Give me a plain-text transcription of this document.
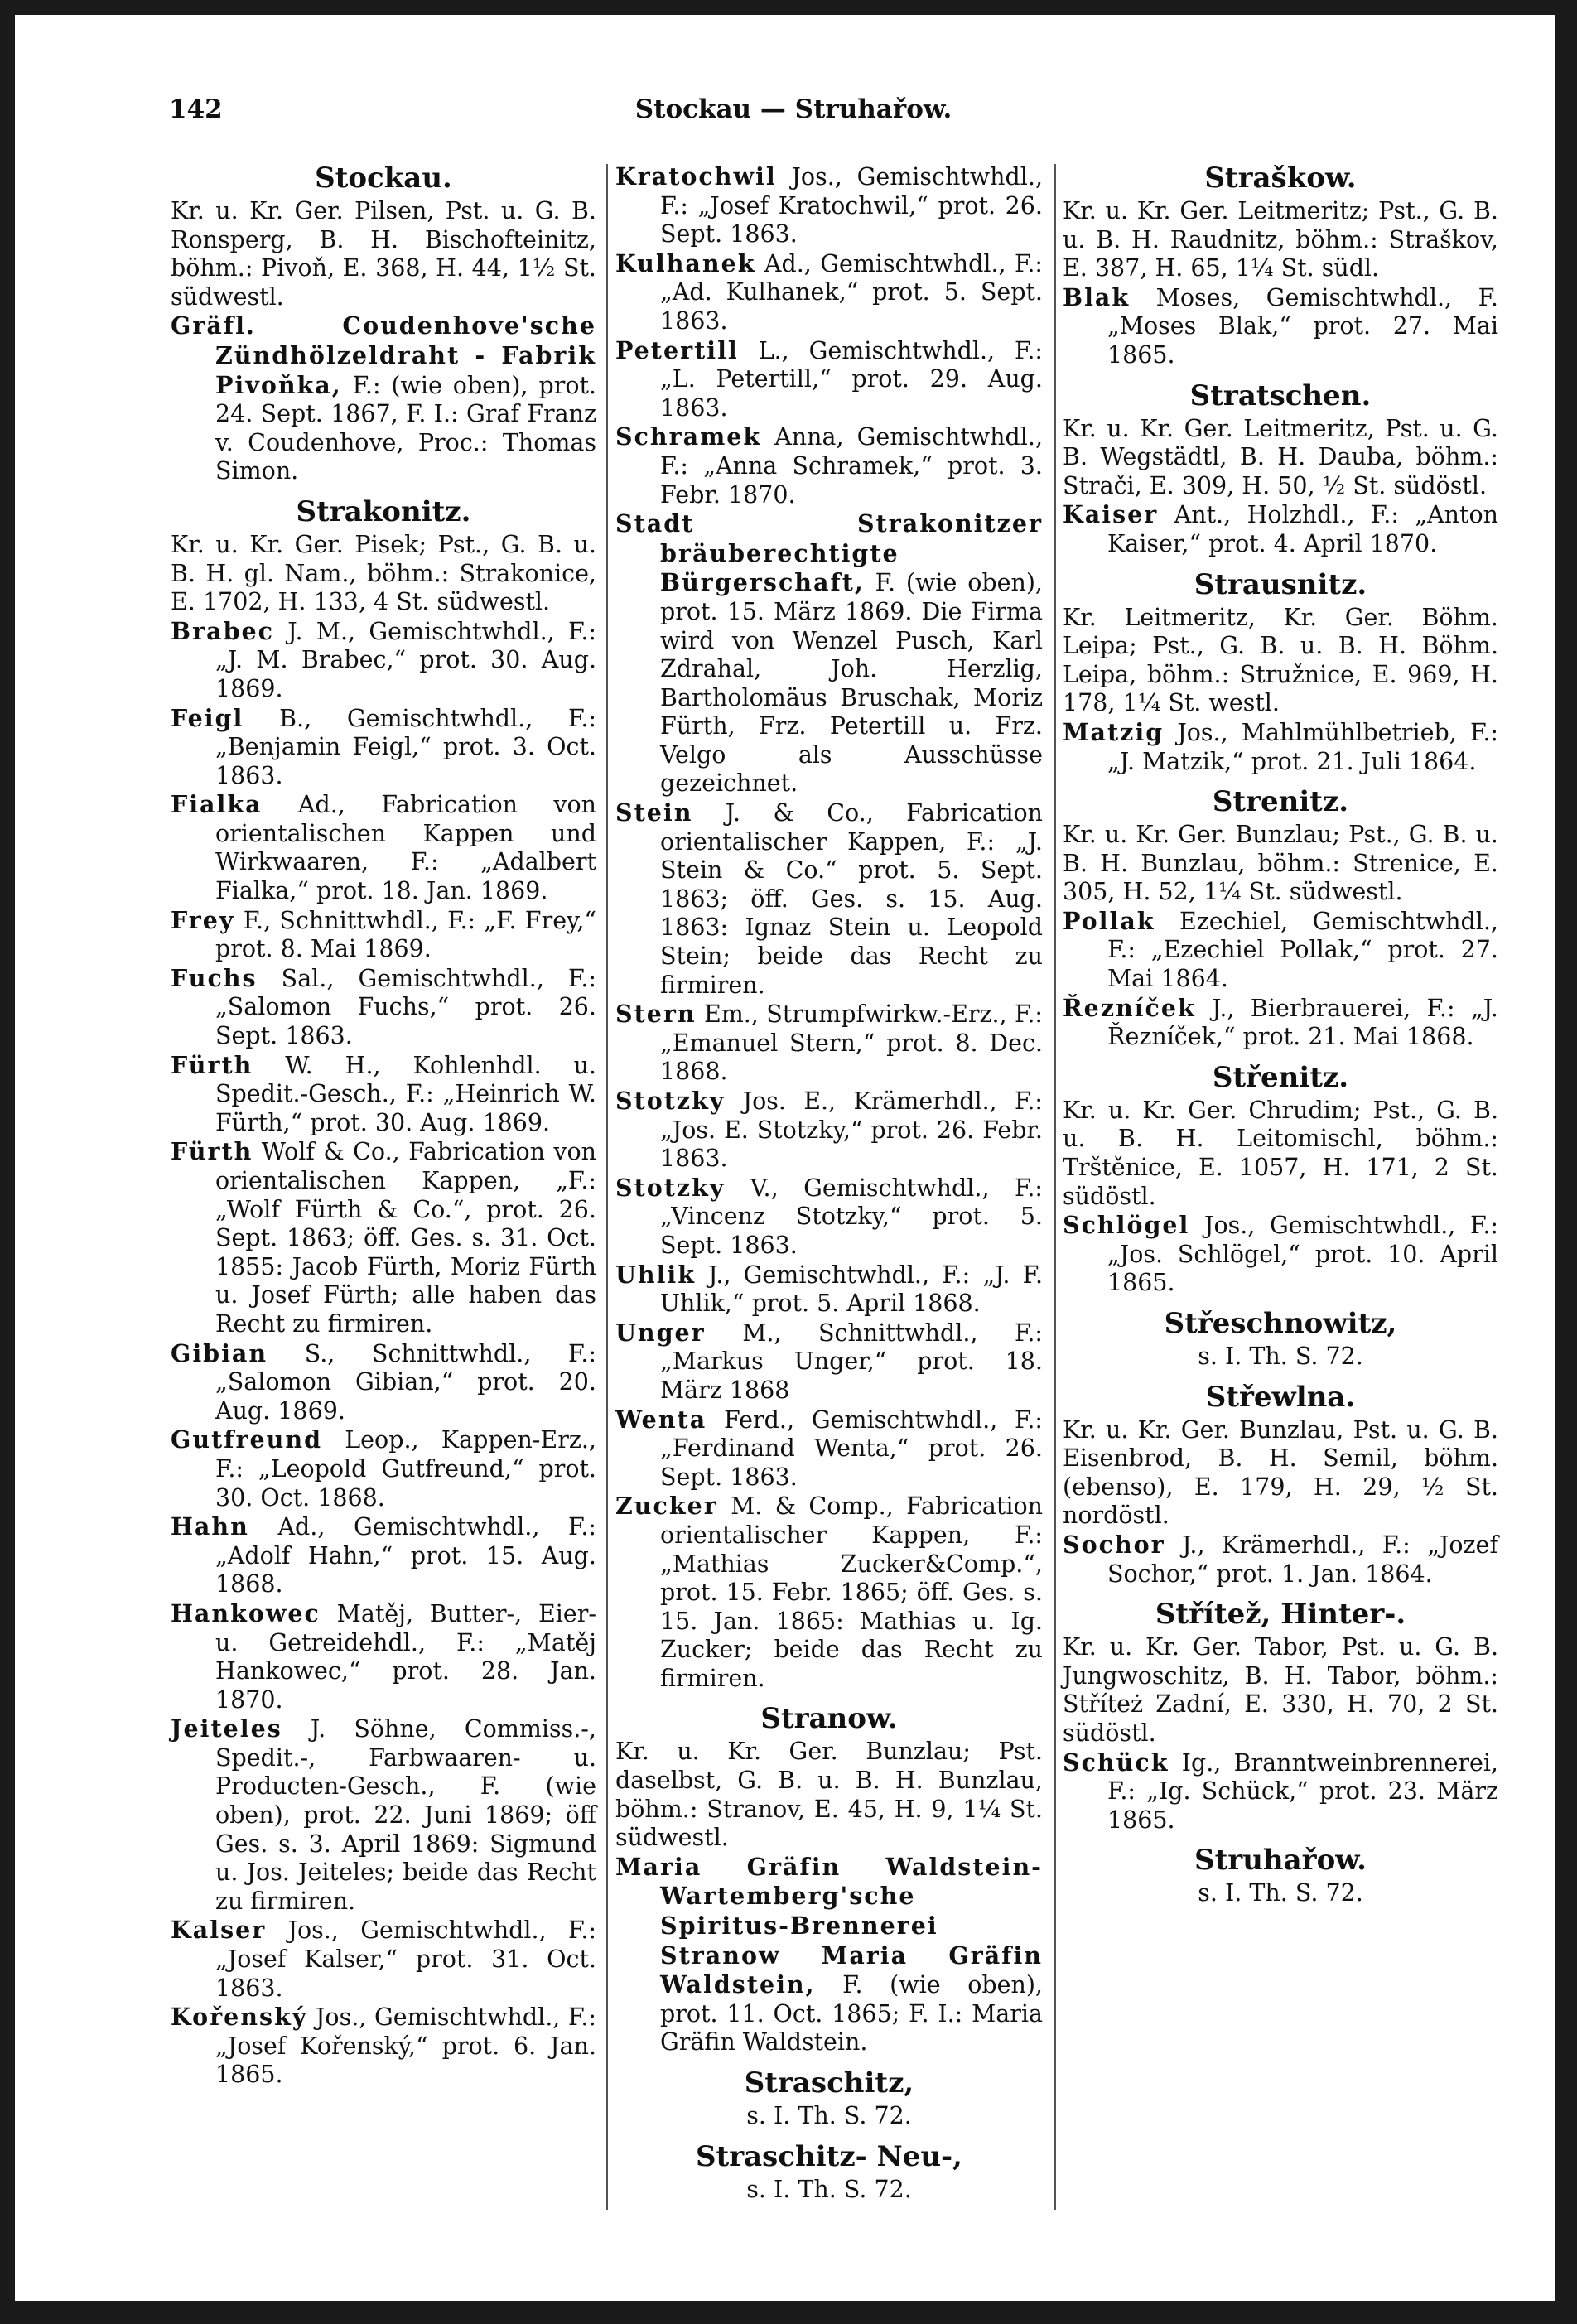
142	Stockau — Struhařow.
Stockau.
Kr. u. Kr. Ger. Pilsen, Pst. u. G. B. Ronsperg, B. H. Bischofteinitz, böhm.: Pivoň, E. 368, H. 44, 1½ St. südwestl.
Gräfl. Coudenhove'sche Zündhölzeldraht - Fabrik Pivoňka, F.: (wie oben), prot. 24. Sept. 1867, F. I.: Graf Franz v. Coudenhove, Proc.: Thomas Simon.
Strakonitz.
Kr. u. Kr. Ger. Pisek; Pst., G. B. u. B. H. gl. Nam., böhm.: Strakonice, E. 1702, H. 133, 4 St. südwestl.
Brabec J. M., Gemischtwhdl., F.: „J. M. Brabec,“ prot. 30. Aug. 1869.
Feigl B., Gemischtwhdl., F.: „Benjamin Feigl,“ prot. 3. Oct. 1863.
Fialka Ad., Fabrication von orientalischen Kappen und Wirkwaaren, F.: „Adalbert Fialka,“ prot. 18. Jan. 1869.
Frey F., Schnittwhdl., F.: „F. Frey,“ prot. 8. Mai 1869.
Fuchs Sal., Gemischtwhdl., F.: „Salomon Fuchs,“ prot. 26. Sept. 1863.
Fürth W. H., Kohlenhdl. u. Spedit.-Gesch., F.: „Heinrich W. Fürth,“ prot. 30. Aug. 1869.
Fürth Wolf & Co., Fabrication von orientalischen Kappen, „F.: „Wolf Fürth & Co.“, prot. 26. Sept. 1863; öff. Ges. s. 31. Oct. 1855: Jacob Fürth, Moriz Fürth u. Josef Fürth; alle haben das Recht zu firmiren.
Gibian S., Schnittwhdl., F.: „Salomon Gibian,“ prot. 20. Aug. 1869.
Gutfreund Leop., Kappen-Erz., F.: „Leopold Gutfreund,“ prot. 30. Oct. 1868.
Hahn Ad., Gemischtwhdl., F.: „Adolf Hahn,“ prot. 15. Aug. 1868.
Hankowec Matěj, Butter-, Eier- u. Getreidehdl., F.: „Matěj Hankowec,“ prot. 28. Jan. 1870.
Jeiteles J. Söhne, Commiss.-, Spedit.-, Farbwaaren- u. Producten-Gesch., F. (wie oben), prot. 22. Juni 1869; öff Ges. s. 3. April 1869: Sigmund u. Jos. Jeiteles; beide das Recht zu firmiren.
Kalser Jos., Gemischtwhdl., F.: „Josef Kalser,“ prot. 31. Oct. 1863.
Kořenský Jos., Gemischtwhdl., F.: „Josef Kořenský,“ prot. 6. Jan. 1865.
Kratochwil Jos., Gemischtwhdl., F.: „Josef Kratochwil,“ prot. 26. Sept. 1863.
Kulhanek Ad., Gemischtwhdl., F.: „Ad. Kulhanek,“ prot. 5. Sept. 1863.
Petertill L., Gemischtwhdl., F.: „L. Petertill,“ prot. 29. Aug. 1863.
Schramek Anna, Gemischtwhdl., F.: „Anna Schramek,“ prot. 3. Febr. 1870.
Stadt Strakonitzer bräuberechtigte Bürgerschaft, F. (wie oben), prot. 15. März 1869. Die Firma wird von Wenzel Pusch, Karl Zdrahal, Joh. Herzlig, Bartholomäus Bruschak, Moriz Fürth, Frz. Petertill u. Frz. Velgo als Ausschüsse gezeichnet.
Stein J. & Co., Fabrication orientalischer Kappen, F.: „J. Stein & Co.“ prot. 5. Sept. 1863; öff. Ges. s. 15. Aug. 1863: Ignaz Stein u. Leopold Stein; beide das Recht zu firmiren.
Stern Em., Strumpfwirkw.-Erz., F.: „Emanuel Stern,“ prot. 8. Dec. 1868.
Stotzky Jos. E., Krämerhdl., F.: „Jos. E. Stotzky,“ prot. 26. Febr. 1863.
Stotzky V., Gemischtwhdl., F.: „Vincenz Stotzky,“ prot. 5. Sept. 1863.
Uhlik J., Gemischtwhdl., F.: „J. F. Uhlik,“ prot. 5. April 1868.
Unger M., Schnittwhdl., F.: „Markus Unger,“ prot. 18. März 1868
Wenta Ferd., Gemischtwhdl., F.: „Ferdinand Wenta,“ prot. 26. Sept. 1863.
Zucker M. & Comp., Fabrication orientalischer Kappen, F.: „Mathias Zucker&Comp.“, prot. 15. Febr. 1865; öff. Ges. s. 15. Jan. 1865: Mathias u. Ig. Zucker; beide das Recht zu firmiren.
Stranow.
Kr. u. Kr. Ger. Bunzlau; Pst. daselbst, G. B. u. B. H. Bunzlau, böhm.: Stranov, E. 45, H. 9, 1¼ St. südwestl.
Maria Gräfin Waldstein-Wartemberg'sche Spiritus-Brennerei Stranow Maria Gräfin Waldstein, F. (wie oben), prot. 11. Oct. 1865; F. I.: Maria Gräfin Waldstein.
Straschitz,
s. I. Th. S. 72.
Straschitz- Neu-,
s. I. Th. S. 72.
Straškow.
Kr. u. Kr. Ger. Leitmeritz; Pst., G. B. u. B. H. Raudnitz, böhm.: Straškov, E. 387, H. 65, 1¼ St. südl.
Blak Moses, Gemischtwhdl., F. „Moses Blak,“ prot. 27. Mai 1865.
Stratschen.
Kr. u. Kr. Ger. Leitmeritz, Pst. u. G. B. Wegstädtl, B. H. Dauba, böhm.: Strači, E. 309, H. 50, ½ St. südöstl.
Kaiser Ant., Holzhdl., F.: „Anton Kaiser,“ prot. 4. April 1870.
Strausnitz.
Kr. Leitmeritz, Kr. Ger. Böhm. Leipa; Pst., G. B. u. B. H. Böhm. Leipa, böhm.: Stružnice, E. 969, H. 178, 1¼ St. westl.
Matzig Jos., Mahlmühlbetrieb, F.: „J. Matzik,“ prot. 21. Juli 1864.
Strenitz.
Kr. u. Kr. Ger. Bunzlau; Pst., G. B. u. B. H. Bunzlau, böhm.: Strenice, E. 305, H. 52, 1¼ St. südwestl.
Pollak Ezechiel, Gemischtwhdl., F.: „Ezechiel Pollak,“ prot. 27. Mai 1864.
Řezníček J., Bierbrauerei, F.: „J. Řezníček,“ prot. 21. Mai 1868.
Střenitz.
Kr. u. Kr. Ger. Chrudim; Pst., G. B. u. B. H. Leitomischl, böhm.: Trštěnice, E. 1057, H. 171, 2 St. südöstl.
Schlögel Jos., Gemischtwhdl., F.: „Jos. Schlögel,“ prot. 10. April 1865.
Střeschnowitz,
s. I. Th. S. 72.
Střewlna.
Kr. u. Kr. Ger. Bunzlau, Pst. u. G. B. Eisenbrod, B. H. Semil, böhm. (ebenso), E. 179, H. 29, ½ St. nordöstl.
Sochor J., Krämerhdl., F.: „Jozef Sochor,“ prot. 1. Jan. 1864.
Střítež, Hinter-.
Kr. u. Kr. Ger. Tabor, Pst. u. G. B. Jungwoschitz, B. H. Tabor, böhm.: Stříteż Zadní, E. 330, H. 70, 2 St. südöstl.
Schück Ig., Branntweinbrennerei, F.: „Ig. Schück,“ prot. 23. März 1865.
Struhařow.
s. I. Th. S. 72.
